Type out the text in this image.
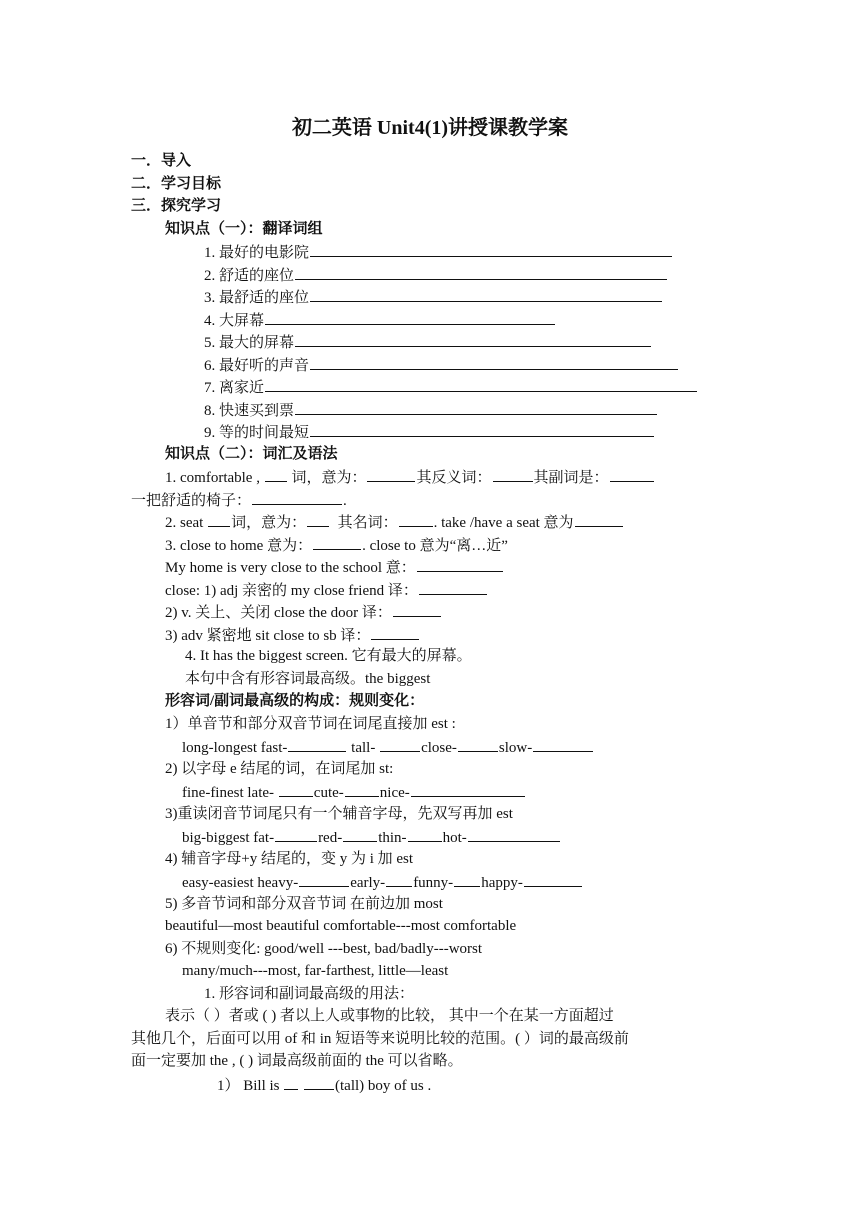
初二英语 Unit4(1)讲授课教学案
一．导入
二．学习目标
三．探究学习
知识点（一）：翻译词组
1. 最好的电影院
2. 舒适的座位
3. 最舒适的座位
4. 大屏幕
5. 最大的屏幕
6. 最好听的声音
7. 离家近
8. 快速买到票
9. 等的时间最短
知识点（二）：词汇及语法
1. comfortable , 词，意为：	其反义词：	其副词是：
一把舒适的椅子：	.
2. seat 词，意为： 其名词： . take /have a seat 意为
3. close to home 意为：	. close to 意为“离…近”
My home is very close to the school 意：
close: 1) adj 亲密的 my close friend 译：
2) v. 关上、关闭 close the door 译：
3) adv 紧密地 sit close to sb 译：
4. It has the biggest screen. 它有最大的屏幕。
本句中含有形容词最高级。the biggest
形容词/副词最高级的构成：规则变化：
1）单音节和部分双音节词在词尾直接加 est :
long-longest fast-	tall-	close-	slow-
2) 以字母 e 结尾的词，在词尾加 st:
fine-finest late- cute- nice-
3)重读闭音节词尾只有一个辅音字母，先双写再加 est
big-biggest fat-	red- thin- hot-
4) 辅音字母+y 结尾的，变 y 为 i 加 est
easy-easiest heavy-	early- funny- happy-
5) 多音节词和部分双音节词 在前边加 most
beautiful—most beautiful comfortable---most comfortable
6) 不规则变化: good/well ---best, bad/badly---worst
many/much---most, far-farthest, little—least
1. 形容词和副词最高级的用法：
表示（ ）者或 ( ) 者以上人或事物的比较， 其中一个在某一方面超过
其他几个，后面可以用 of 和 in 短语等来说明比较的范围。( ）词的最高级前
面一定要加 the , ( ) 词最高级前面的 the 可以省略。
1） Bill is	(tall) boy of us .
